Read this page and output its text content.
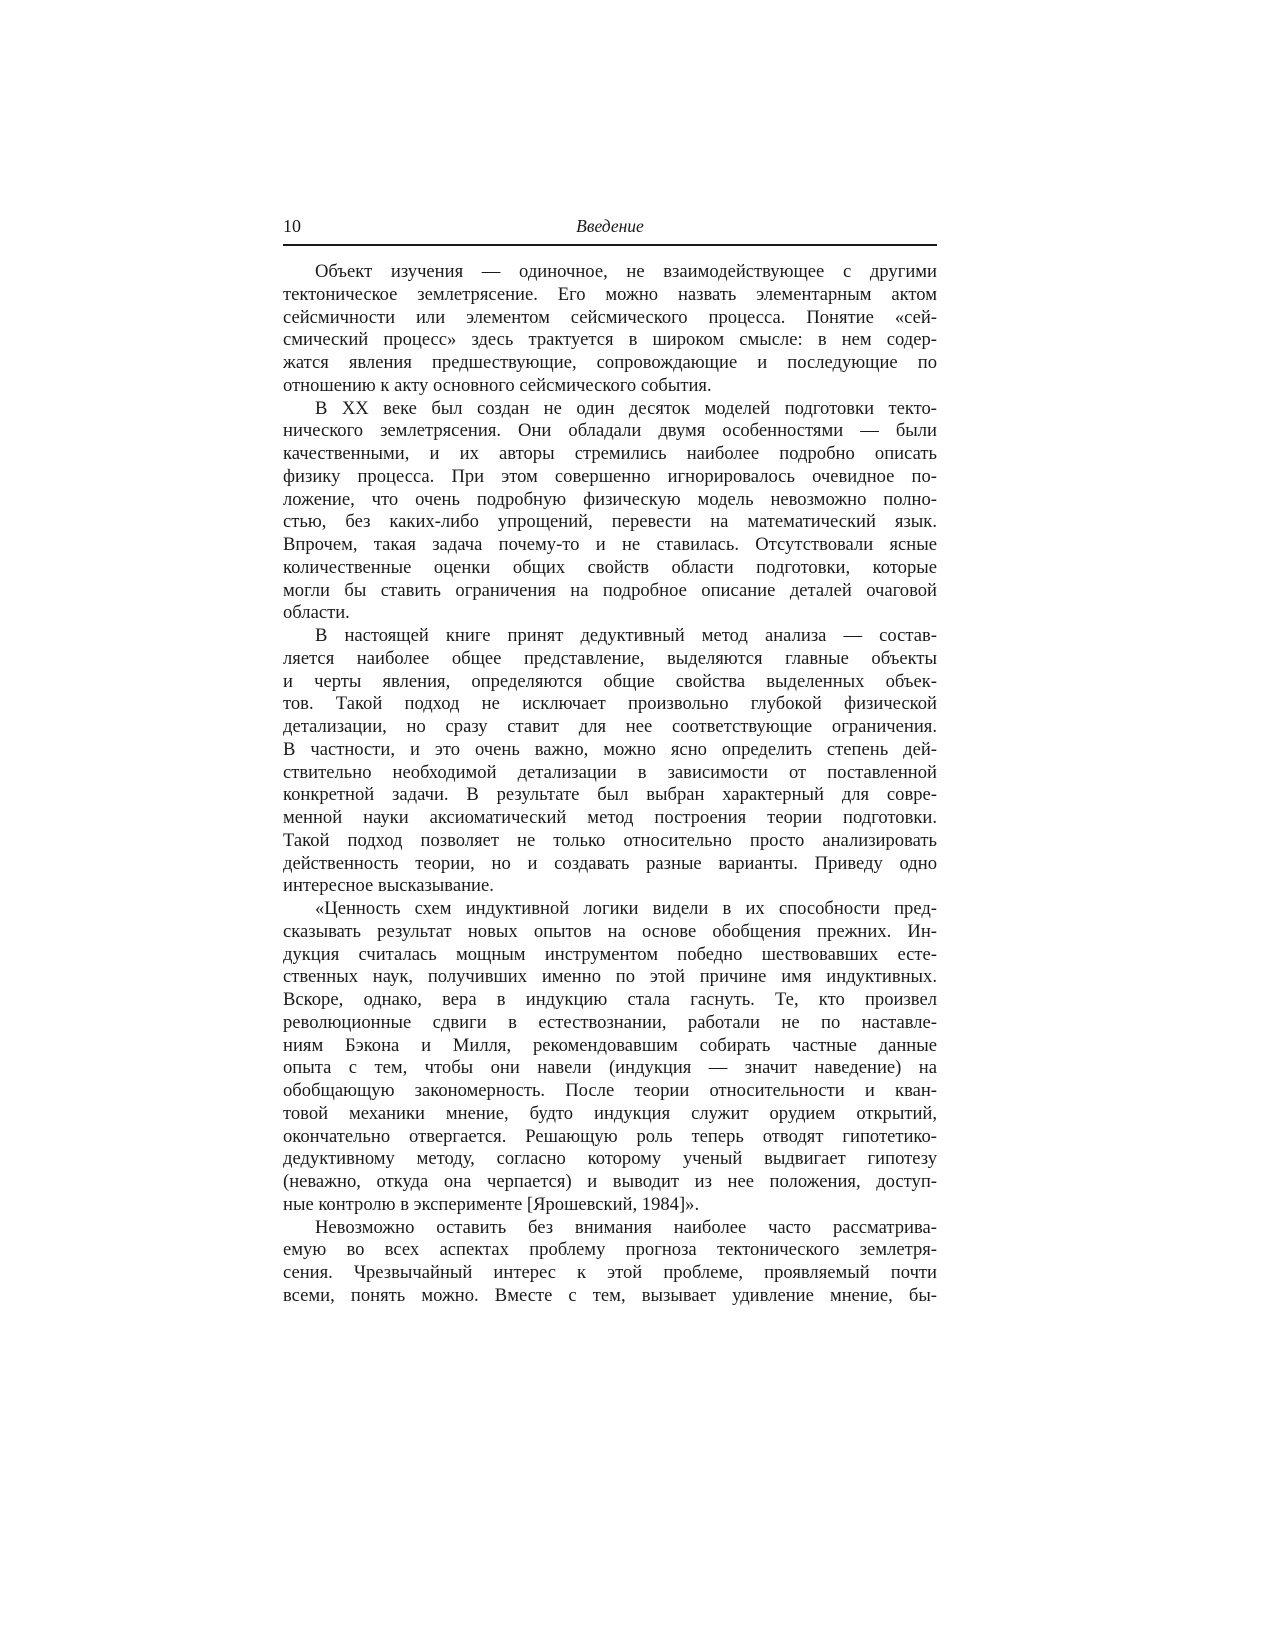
10	Введение
Объект изучения — одиночное, не взаимодействующее с другими
тектоническое землетрясение. Его можно назвать элементарным актом
сейсмичности или элементом сейсмического процесса. Понятие «сей-
смический процесс» здесь трактуется в широком смысле: в нем содер-
жатся явления предшествующие, сопровождающие и последующие по
отношению к акту основного сейсмического события.
В XX веке был создан не один десяток моделей подготовки текто-
нического землетрясения. Они обладали двумя особенностями — были
качественными, и их авторы стремились наиболее подробно описать
физику процесса. При этом совершенно игнорировалось очевидное по-
ложение, что очень подробную физическую модель невозможно полно-
стью, без каких-либо упрощений, перевести на математический язык.
Впрочем, такая задача почему-то и не ставилась. Отсутствовали ясные
количественные оценки общих свойств области подготовки, которые
могли бы ставить ограничения на подробное описание деталей очаговой
области.
В настоящей книге принят дедуктивный метод анализа — состав-
ляется наиболее общее представление, выделяются главные объекты
и черты явления, определяются общие свойства выделенных объек-
тов. Такой подход не исключает произвольно глубокой физической
детализации, но сразу ставит для нее соответствующие ограничения.
В частности, и это очень важно, можно ясно определить степень дей-
ствительно необходимой детализации в зависимости от поставленной
конкретной задачи. В результате был выбран характерный для совре-
менной науки аксиоматический метод построения теории подготовки.
Такой подход позволяет не только относительно просто анализировать
действенность теории, но и создавать разные варианты. Приведу одно
интересное высказывание.
«Ценность схем индуктивной логики видели в их способности пред-
сказывать результат новых опытов на основе обобщения прежних. Ин-
дукция считалась мощным инструментом победно шествовавших есте-
ственных наук, получивших именно по этой причине имя индуктивных.
Вскоре, однако, вера в индукцию стала гаснуть. Те, кто произвел
революционные сдвиги в естествознании, работали не по наставле-
ниям Бэкона и Милля, рекомендовавшим собирать частные данные
опыта с тем, чтобы они навели (индукция — значит наведение) на
обобщающую закономерность. После теории относительности и кван-
товой механики мнение, будто индукция служит орудием открытий,
окончательно отвергается. Решающую роль теперь отводят гипотетико-
дедуктивному методу, согласно которому ученый выдвигает гипотезу
(неважно, откуда она черпается) и выводит из нее положения, доступ-
ные контролю в эксперименте [Ярошевский, 1984]».
Невозможно оставить без внимания наиболее часто рассматрива-
емую во всех аспектах проблему прогноза тектонического землетря-
сения. Чрезвычайный интерес к этой проблеме, проявляемый почти
всеми, понять можно. Вместе с тем, вызывает удивление мнение, бы-
